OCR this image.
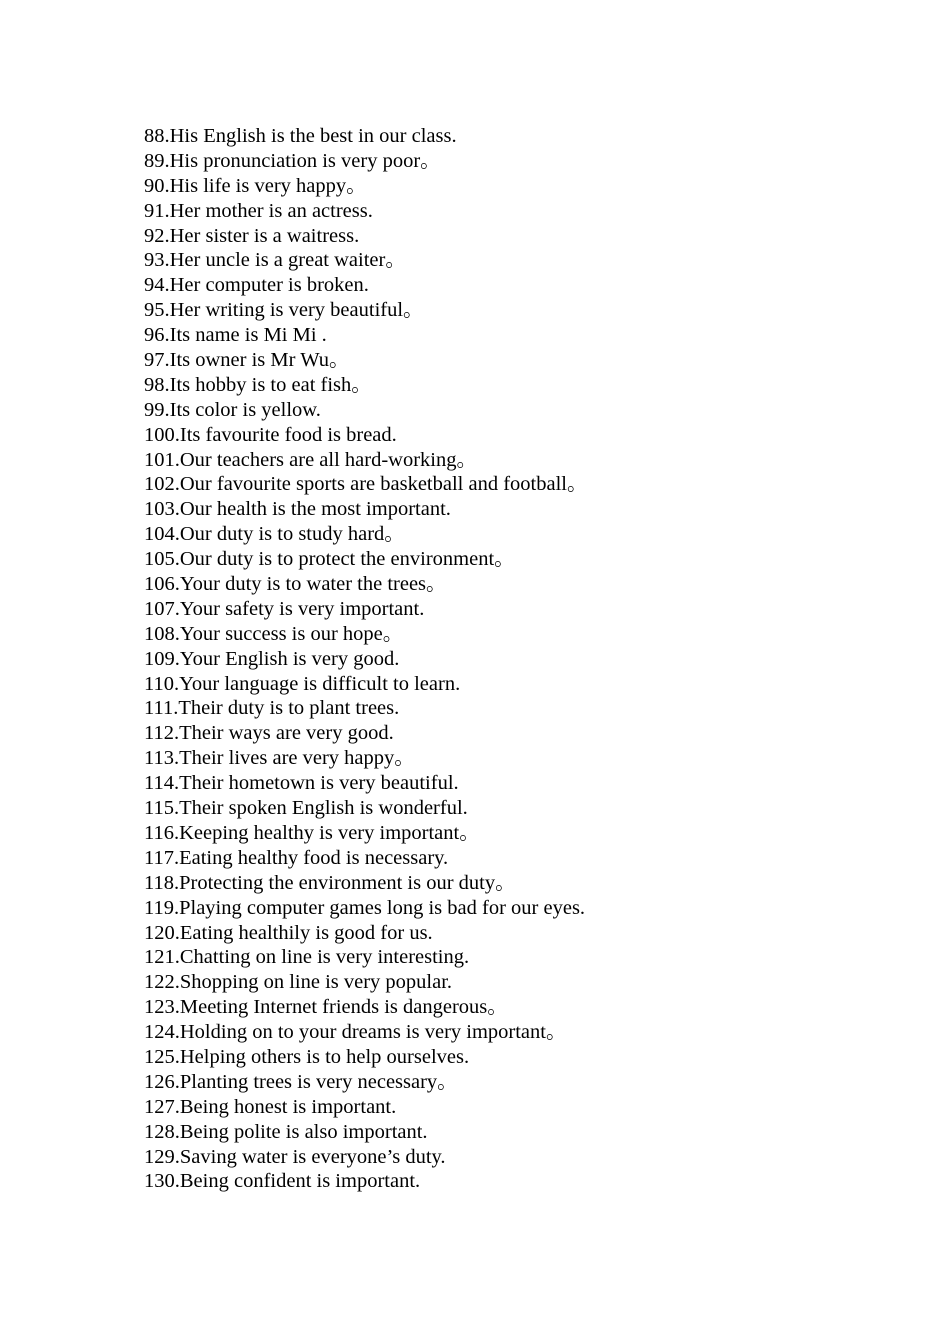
88.His English is the best in our class.
89.His pronunciation is very poor。
90.His life is very happy。
91.Her mother is an actress.
92.Her sister is a waitress.
93.Her uncle is a great waiter。
94.Her computer is broken.
95.Her writing is very beautiful。
96.Its name is Mi Mi .
97.Its owner is Mr Wu。
98.Its hobby is to eat fish。
99.Its color is yellow.
100.Its favourite food is bread.
101.Our teachers are all hard-working。
102.Our favourite sports are basketball and football。
103.Our health is the most important.
104.Our duty is to study hard。
105.Our duty is to protect the environment。
106.Your duty is to water the trees。
107.Your safety is very important.
108.Your success is our hope。
109.Your English is very good.
110.Your language is difficult to learn.
111.Their duty is to plant trees.
112.Their ways are very good.
113.Their lives are very happy。
114.Their hometown is very beautiful.
115.Their spoken English is wonderful.
116.Keeping healthy is very important。
117.Eating healthy food is necessary.
118.Protecting the environment is our duty。
119.Playing computer games long is bad for our eyes.
120.Eating healthily is good for us.
121.Chatting on line is very interesting.
122.Shopping on line is very popular.
123.Meeting Internet friends is dangerous。
124.Holding on to your dreams is very important。
125.Helping others is to help ourselves.
126.Planting trees is very necessary。
127.Being honest is important.
128.Being polite is also important.
129.Saving water is everyone’s duty.
130.Being confident is important.
